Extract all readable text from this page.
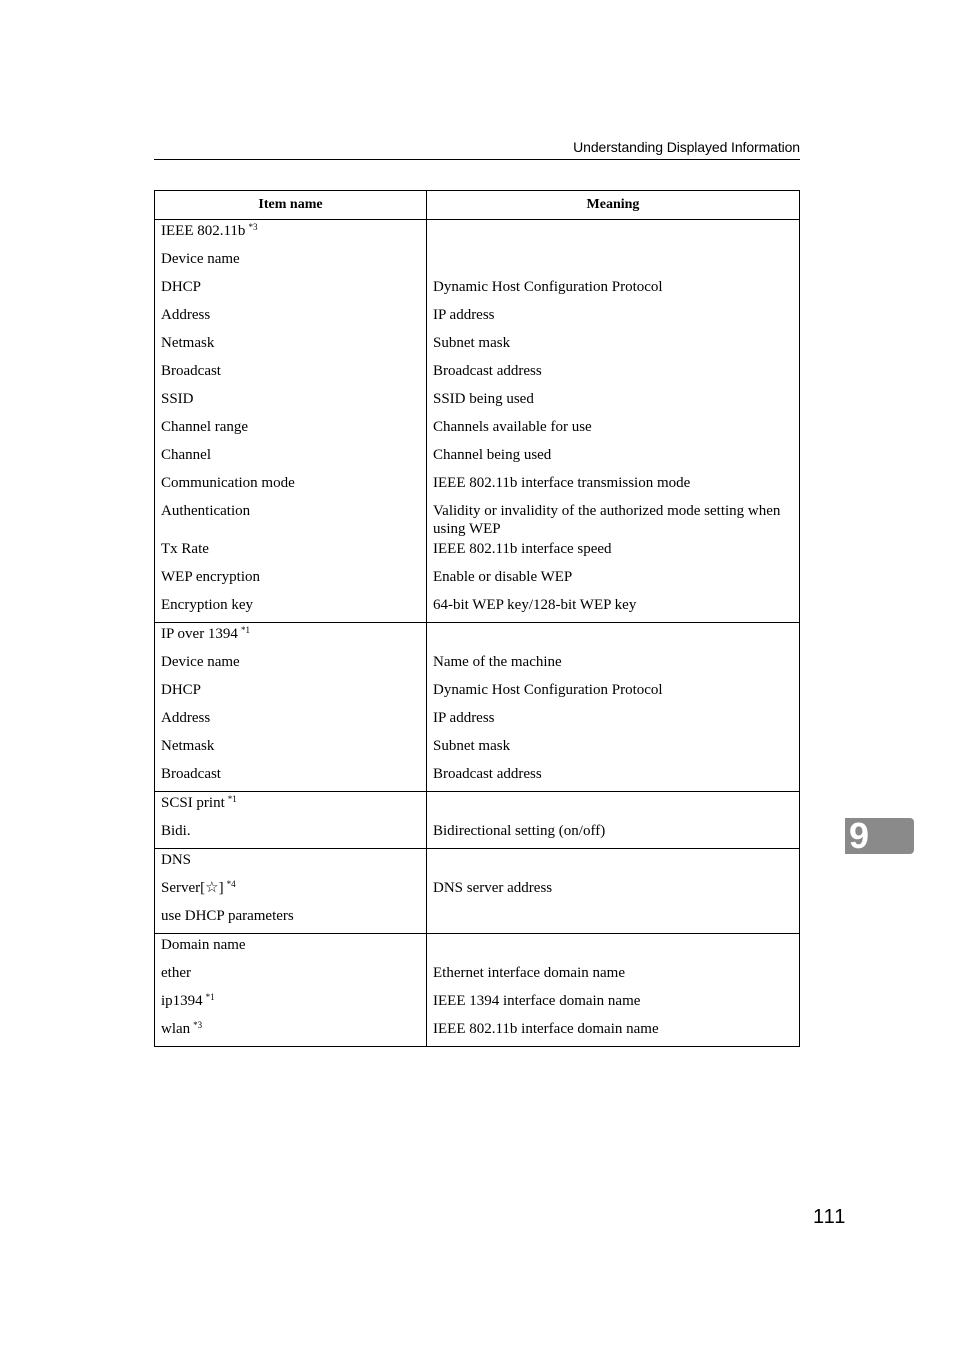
Understanding Displayed Information
Item name	Meaning

IEEE 802.11b $^{*3}$

Device name	

DHCP	Dynamic Host Configuration Protocol

Address	IP address

Netmask	Subnet mask

Broadcast	Broadcast address

SSID	SSID being used

Channel range	Channels available for use

Channel	Channel being used

Communication mode	IEEE 802.11b interface transmission mode

Authentication	Validity or invalidity of the authorized mode setting when using WEP

Tx Rate	IEEE 802.11b interface speed

WEP encryption	Enable or disable WEP

Encryption key	64-bit WEP key/128-bit WEP key

IP over 1394 $^{*1}$

Device name	Name of the machine

DHCP	Dynamic Host Configuration Protocol

Address	IP address

Netmask	Subnet mask

Broadcast	Broadcast address

SCSI print $^{*1}$

Bidi.	Bidirectional setting (on/off)

DNS	

Server[☆] $^{*4}$	DNS server address

use DHCP parameters	

Domain name	

ether	Ethernet interface domain name

ip1394 $^{*1}$	IEEE 1394 interface domain name

wlan $^{*3}$	IEEE 802.11b interface domain name
9
111
